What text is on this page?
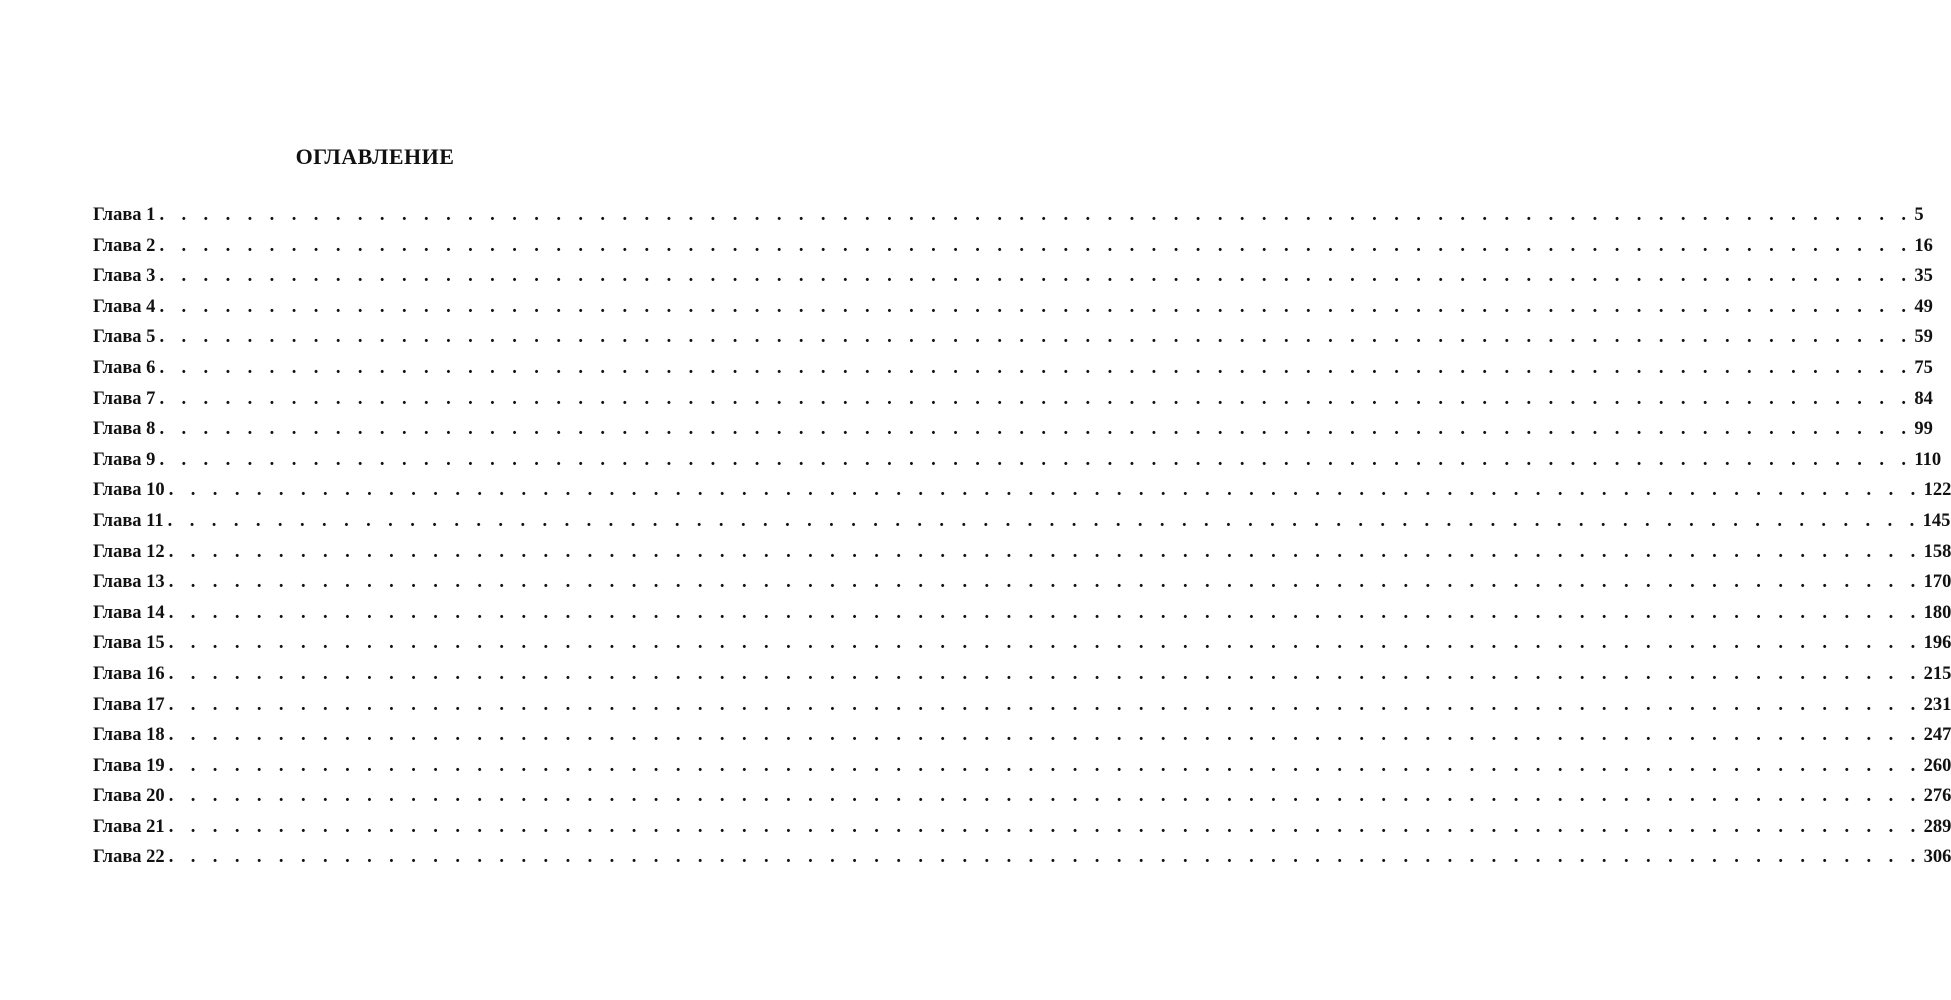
ОГЛАВЛЕНИЕ
Глава 1 . . . . . . . . . . . . . . . . . . . . . . . . . . . . . . . . . . . . . . . . . . . . . . . . . . . . . . . . . . . . . . . . . . . . . . . . . . . . . . . . 5
Глава 2 . . . . . . . . . . . . . . . . . . . . . . . . . . . . . . . . . . . . . . . . . . . . . . . . . . . . . . . . . . . . . . . . . . . . . . . . . . . . . . . . 16
Глава 3 . . . . . . . . . . . . . . . . . . . . . . . . . . . . . . . . . . . . . . . . . . . . . . . . . . . . . . . . . . . . . . . . . . . . . . . . . . . . . . . . 35
Глава 4 . . . . . . . . . . . . . . . . . . . . . . . . . . . . . . . . . . . . . . . . . . . . . . . . . . . . . . . . . . . . . . . . . . . . . . . . . . . . . . . . 49
Глава 5 . . . . . . . . . . . . . . . . . . . . . . . . . . . . . . . . . . . . . . . . . . . . . . . . . . . . . . . . . . . . . . . . . . . . . . . . . . . . . . . . 59
Глава 6 . . . . . . . . . . . . . . . . . . . . . . . . . . . . . . . . . . . . . . . . . . . . . . . . . . . . . . . . . . . . . . . . . . . . . . . . . . . . . . . . 75
Глава 7 . . . . . . . . . . . . . . . . . . . . . . . . . . . . . . . . . . . . . . . . . . . . . . . . . . . . . . . . . . . . . . . . . . . . . . . . . . . . . . . . 84
Глава 8 . . . . . . . . . . . . . . . . . . . . . . . . . . . . . . . . . . . . . . . . . . . . . . . . . . . . . . . . . . . . . . . . . . . . . . . . . . . . . . . . 99
Глава 9 . . . . . . . . . . . . . . . . . . . . . . . . . . . . . . . . . . . . . . . . . . . . . . . . . . . . . . . . . . . . . . . . . . . . . . . . . . . . . . . . 110
Глава 10 . . . . . . . . . . . . . . . . . . . . . . . . . . . . . . . . . . . . . . . . . . . . . . . . . . . . . . . . . . . . . . . . . . . . . . . . . . . . . . . . 122
Глава 11 . . . . . . . . . . . . . . . . . . . . . . . . . . . . . . . . . . . . . . . . . . . . . . . . . . . . . . . . . . . . . . . . . . . . . . . . . . . . . . . . 145
Глава 12 . . . . . . . . . . . . . . . . . . . . . . . . . . . . . . . . . . . . . . . . . . . . . . . . . . . . . . . . . . . . . . . . . . . . . . . . . . . . . . . . 158
Глава 13 . . . . . . . . . . . . . . . . . . . . . . . . . . . . . . . . . . . . . . . . . . . . . . . . . . . . . . . . . . . . . . . . . . . . . . . . . . . . . . . . 170
Глава 14 . . . . . . . . . . . . . . . . . . . . . . . . . . . . . . . . . . . . . . . . . . . . . . . . . . . . . . . . . . . . . . . . . . . . . . . . . . . . . . . . 180
Глава 15 . . . . . . . . . . . . . . . . . . . . . . . . . . . . . . . . . . . . . . . . . . . . . . . . . . . . . . . . . . . . . . . . . . . . . . . . . . . . . . . . 196
Глава 16 . . . . . . . . . . . . . . . . . . . . . . . . . . . . . . . . . . . . . . . . . . . . . . . . . . . . . . . . . . . . . . . . . . . . . . . . . . . . . . . . 215
Глава 17 . . . . . . . . . . . . . . . . . . . . . . . . . . . . . . . . . . . . . . . . . . . . . . . . . . . . . . . . . . . . . . . . . . . . . . . . . . . . . . . . 231
Глава 18 . . . . . . . . . . . . . . . . . . . . . . . . . . . . . . . . . . . . . . . . . . . . . . . . . . . . . . . . . . . . . . . . . . . . . . . . . . . . . . . . 247
Глава 19 . . . . . . . . . . . . . . . . . . . . . . . . . . . . . . . . . . . . . . . . . . . . . . . . . . . . . . . . . . . . . . . . . . . . . . . . . . . . . . . . 260
Глава 20 . . . . . . . . . . . . . . . . . . . . . . . . . . . . . . . . . . . . . . . . . . . . . . . . . . . . . . . . . . . . . . . . . . . . . . . . . . . . . . . . 276
Глава 21 . . . . . . . . . . . . . . . . . . . . . . . . . . . . . . . . . . . . . . . . . . . . . . . . . . . . . . . . . . . . . . . . . . . . . . . . . . . . . . . . 289
Глава 22 . . . . . . . . . . . . . . . . . . . . . . . . . . . . . . . . . . . . . . . . . . . . . . . . . . . . . . . . . . . . . . . . . . . . . . . . . . . . . . . . 306
